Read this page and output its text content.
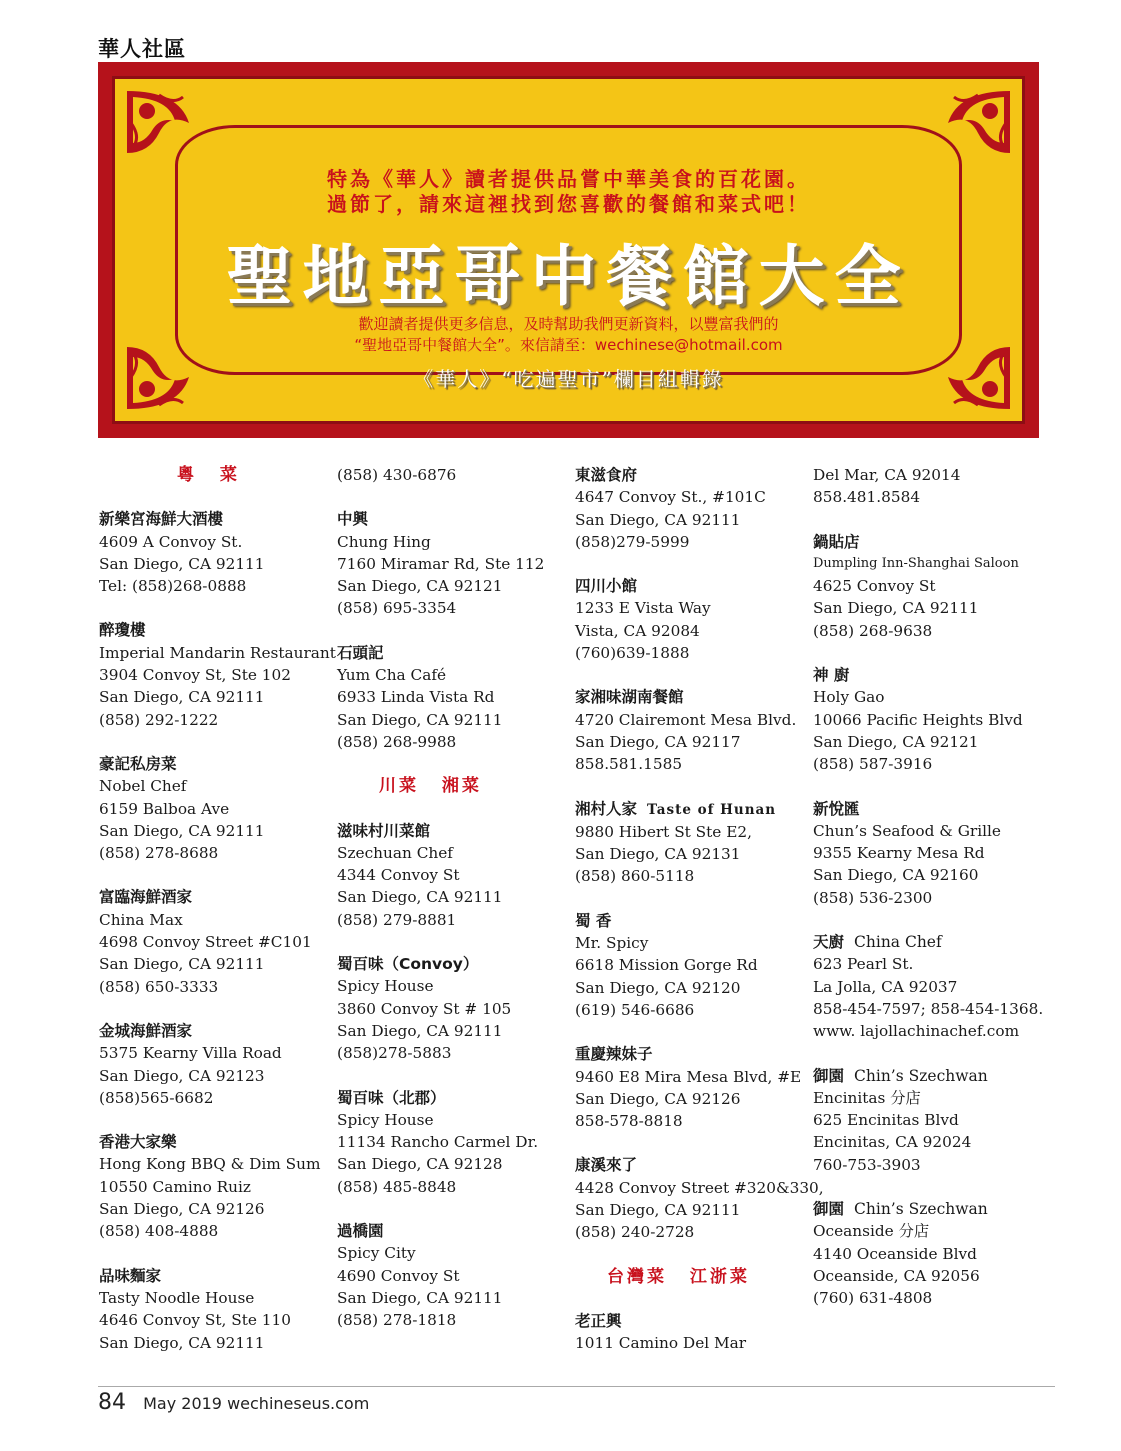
華人社區
特為《華人》讀者提供品嘗中華美食的百花園。
過節了，請來這裡找到您喜歡的餐館和菜式吧！
聖地亞哥中餐館大全
歡迎讀者提供更多信息，及時幫助我們更新資料，以豐富我們的
“聖地亞哥中餐館大全”。來信請至：wechinese@hotmail.com
《華人》“吃遍聖市”欄目組輯錄
粵 菜
新樂宮海鮮大酒樓
4609 A Convoy St.
San Diego, CA 92111
Tel: (858)268-0888
醉瓊樓
Imperial Mandarin Restaurant
3904 Convoy St, Ste 102
San Diego, CA 92111
(858) 292-1222
豪記私房菜
Nobel Chef
6159 Balboa Ave
San Diego, CA 92111
(858) 278-8688
富臨海鮮酒家
China Max
4698 Convoy Street #C101
San Diego, CA 92111
(858) 650-3333
金城海鮮酒家
5375 Kearny Villa Road
San Diego, CA 92123
(858)565-6682
香港大家樂
Hong Kong BBQ & Dim Sum
10550 Camino Ruiz
San Diego, CA 92126
(858) 408-4888
品味麵家
Tasty Noodle House
4646 Convoy St, Ste 110
San Diego, CA 92111
(858) 430-6876
中興
Chung Hing
7160 Miramar Rd, Ste 112
San Diego, CA 92121
(858) 695-3354
石頭記
Yum Cha Café
6933 Linda Vista Rd
San Diego, CA 92111
(858) 268-9988
川菜 湘菜
滋味村川菜館
Szechuan Chef
4344 Convoy St
San Diego, CA 92111
(858) 279-8881
蜀百味（Convoy）
Spicy House
3860 Convoy St # 105
San Diego, CA 92111
(858)278-5883
蜀百味（北郡）
Spicy House
11134 Rancho Carmel Dr.
San Diego, CA 92128
(858) 485-8848
過橋園
Spicy City
4690 Convoy St
San Diego, CA 92111
(858) 278-1818
東滋食府
4647 Convoy St., #101C
San Diego, CA 92111
(858)279-5999
四川小館
1233 E Vista Way
Vista, CA 92084
(760)639-1888
家湘味湖南餐館
4720 Clairemont Mesa Blvd.
San Diego, CA 92117
858.581.1585
湘村人家 Taste of Hunan
9880 Hibert St Ste E2,
San Diego, CA 92131
(858) 860-5118
蜀 香
Mr. Spicy
6618 Mission Gorge Rd
San Diego, CA 92120
(619) 546-6686
重慶辣妹子
9460 E8 Mira Mesa Blvd, #E
San Diego, CA 92126
858-578-8818
康溪來了
4428 Convoy Street #320&330,
San Diego, CA 92111
(858) 240-2728
台灣菜 江浙菜
老正興
1011 Camino Del Mar
Del Mar, CA 92014
858.481.8584
鍋貼店
Dumpling Inn-Shanghai Saloon
4625 Convoy St
San Diego, CA 92111
(858) 268-9638
神 廚
Holy Gao
10066 Pacific Heights Blvd
San Diego, CA 92121
(858) 587-3916
新悅匯
Chun’s Seafood & Grille
9355 Kearny Mesa Rd
San Diego, CA 92160
(858) 536-2300
天廚 China Chef
623 Pearl St.
La Jolla, CA 92037
858-454-7597; 858-454-1368.
www. lajollachinachef.com
御園 Chin’s Szechwan
Encinitas 分店
625 Encinitas Blvd
Encinitas, CA 92024
760-753-3903
御園 Chin’s Szechwan
Oceanside 分店
4140 Oceanside Blvd
Oceanside, CA 92056
(760) 631-4808
84 May 2019 wechineseus.com
